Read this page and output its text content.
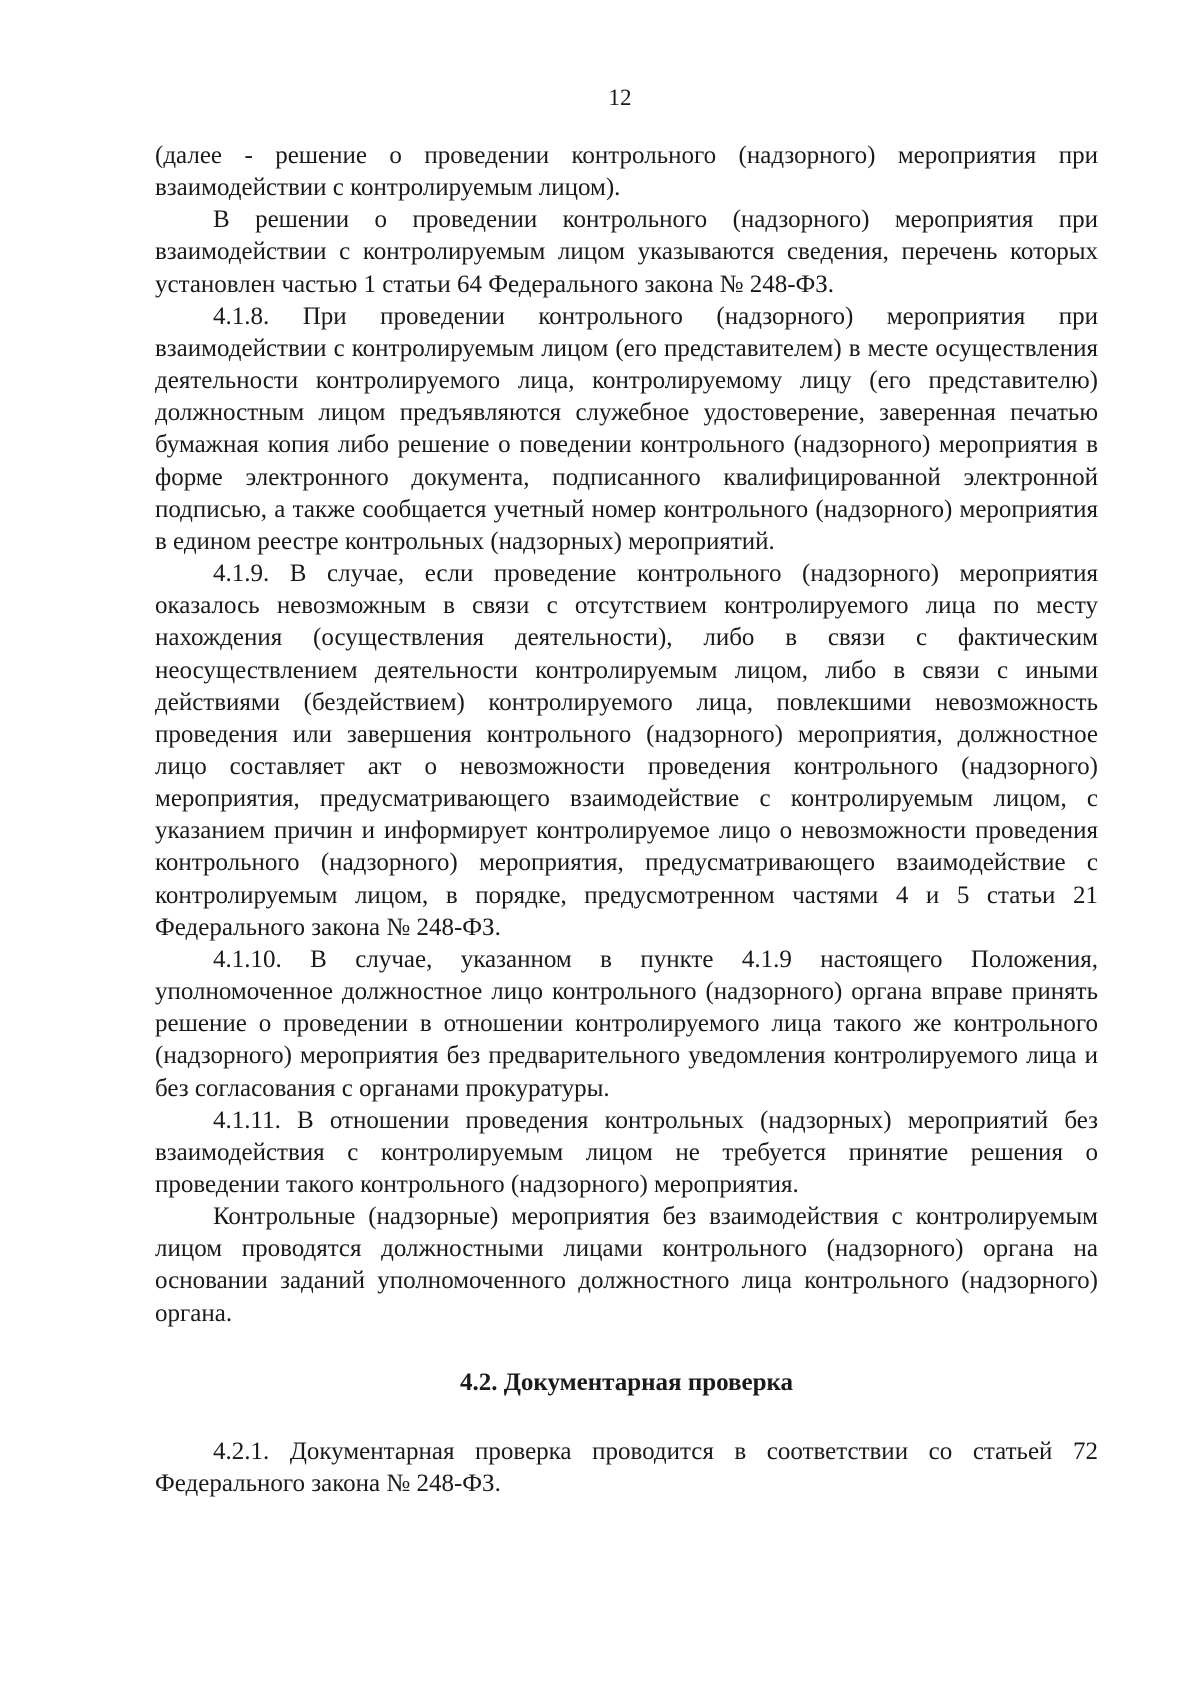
12

(далее - решение о проведении контрольного (надзорного) мероприятия при взаимодействии с контролируемым лицом).

В решении о проведении контрольного (надзорного) мероприятия при взаимодействии с контролируемым лицом указываются сведения, перечень которых установлен частью 1 статьи 64 Федерального закона № 248-ФЗ.

4.1.8. При проведении контрольного (надзорного) мероприятия при взаимодействии с контролируемым лицом (его представителем) в месте осуществления деятельности контролируемого лица, контролируемому лицу (его представителю) должностным лицом предъявляются служебное удостоверение, заверенная печатью бумажная копия либо решение о поведении контрольного (надзорного) мероприятия в форме электронного документа, подписанного квалифицированной электронной подписью, а также сообщается учетный номер контрольного (надзорного) мероприятия в едином реестре контрольных (надзорных) мероприятий.

4.1.9. В случае, если проведение контрольного (надзорного) мероприятия оказалось невозможным в связи с отсутствием контролируемого лица по месту нахождения (осуществления деятельности), либо в связи с фактическим неосуществлением деятельности контролируемым лицом, либо в связи с иными действиями (бездействием) контролируемого лица, повлекшими невозможность проведения или завершения контрольного (надзорного) мероприятия, должностное лицо составляет акт о невозможности проведения контрольного (надзорного) мероприятия, предусматривающего взаимодействие с контролируемым лицом, с указанием причин и информирует контролируемое лицо о невозможности проведения контрольного (надзорного) мероприятия, предусматривающего взаимодействие с контролируемым лицом, в порядке, предусмотренном частями 4 и 5 статьи 21 Федерального закона № 248-ФЗ.

4.1.10. В случае, указанном в пункте 4.1.9 настоящего Положения, уполномоченное должностное лицо контрольного (надзорного) органа вправе принять решение о проведении в отношении контролируемого лица такого же контрольного (надзорного) мероприятия без предварительного уведомления контролируемого лица и без согласования с органами прокуратуры.

4.1.11. В отношении проведения контрольных (надзорных) мероприятий без взаимодействия с контролируемым лицом не требуется принятие решения о проведении такого контрольного (надзорного) мероприятия.

Контрольные (надзорные) мероприятия без взаимодействия с контролируемым лицом проводятся должностными лицами контрольного (надзорного) органа на основании заданий уполномоченного должностного лица контрольного (надзорного) органа.

4.2. Документарная проверка

4.2.1. Документарная проверка проводится в соответствии со статьей 72 Федерального закона № 248-ФЗ.
